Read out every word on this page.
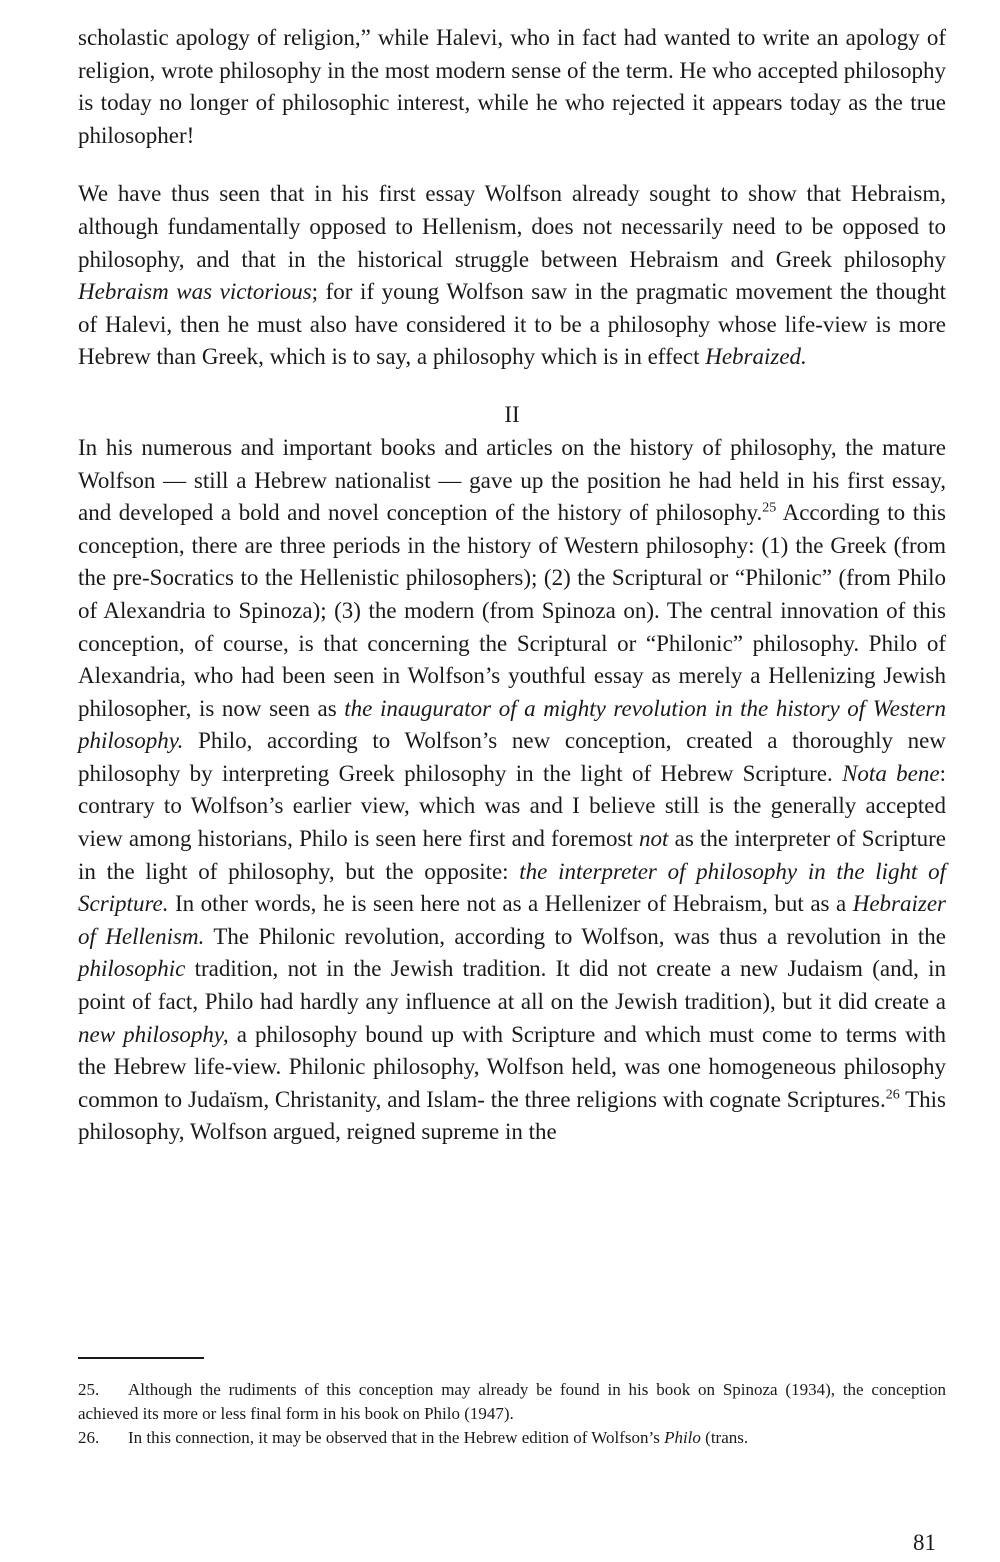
scholastic apology of religion,” while Halevi, who in fact had wanted to write an apology of religion, wrote philosophy in the most modern sense of the term. He who accepted philosophy is today no longer of philosophic interest, while he who rejected it appears today as the true philosopher!

We have thus seen that in his first essay Wolfson already sought to show that Hebraism, although fundamentally opposed to Hellenism, does not necessarily need to be opposed to philosophy, and that in the historical struggle between Hebraism and Greek philosophy Hebraism was victorious; for if young Wolfson saw in the pragmatic movement the thought of Halevi, then he must also have considered it to be a philosophy whose life-view is more Hebrew than Greek, which is to say, a philosophy which is in effect Hebraized.

II

In his numerous and important books and articles on the history of philosophy, the mature Wolfson — still a Hebrew nationalist — gave up the position he had held in his first essay, and developed a bold and novel conception of the history of philosophy.$^{25}$ According to this conception, there are three periods in the history of Western philosophy: (1) the Greek (from the pre-Socratics to the Hellenistic philosophers); (2) the Scriptural or “Philonic” (from Philo of Alexandria to Spinoza); (3) the modern (from Spinoza on). The central innovation of this conception, of course, is that concerning the Scriptural or “Philonic” philosophy. Philo of Alexandria, who had been seen in Wolfson’s youthful essay as merely a Hellenizing Jewish philosopher, is now seen as the inaugurator of a mighty revolution in the history of Western philosophy. Philo, according to Wolfson’s new conception, created a thoroughly new philosophy by interpreting Greek philosophy in the light of Hebrew Scripture. Nota bene: contrary to Wolfson’s earlier view, which was and I believe still is the generally accepted view among historians, Philo is seen here first and foremost not as the interpreter of Scripture in the light of philosophy, but the opposite: the interpreter of philosophy in the light of Scripture. In other words, he is seen here not as a Hellenizer of Hebraism, but as a Hebraizer of Hellenism. The Philonic revolution, according to Wolfson, was thus a revolution in the philosophic tradition, not in the Jewish tradition. It did not create a new Judaism (and, in point of fact, Philo had hardly any influence at all on the Jewish tradition), but it did create a new philosophy, a philosophy bound up with Scripture and which must come to terms with the Hebrew life-view. Philonic philosophy, Wolfson held, was one homogeneous philosophy common to Judaïsm, Christanity, and Islam- the three religions with cognate Scriptures.$^{26}$ This philosophy, Wolfson argued, reigned supreme in the

25. Although the rudiments of this conception may already be found in his book on Spinoza (1934), the conception achieved its more or less final form in his book on Philo (1947).
26. In this connection, it may be observed that in the Hebrew edition of Wolfson’s Philo (trans.
81
